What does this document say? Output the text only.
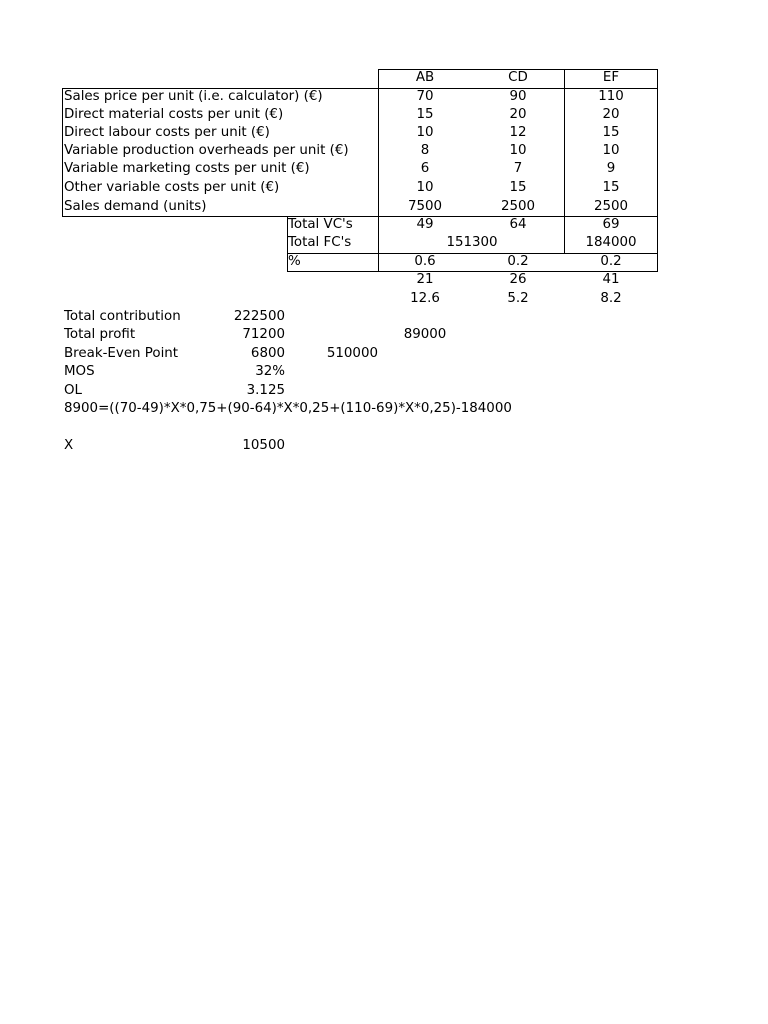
AB	CD	EF
Sales price per unit (i.e. calculator) (€)	70	90	110
Direct material costs per unit (€)	15	20	20
Direct labour costs per unit (€)	10	12	15
Variable production overheads per unit (€)	8	10	10
Variable marketing costs per unit (€)	6	7	9
Other variable costs per unit (€)	10	15	15
Sales demand (units)	7500	2500	2500
Total VC's	49	64	69
Total FC's	151300	184000
%	0.6	0.2	0.2
21	26	41
12.6	5.2	8.2
Total contribution	222500
Total profit	71200	89000
Break-Even Point	6800	510000
MOS	32%
OL	3.125
8900=((70-49)*X*0,75+(90-64)*X*0,25+(110-69)*X*0,25)-184000
X	10500
